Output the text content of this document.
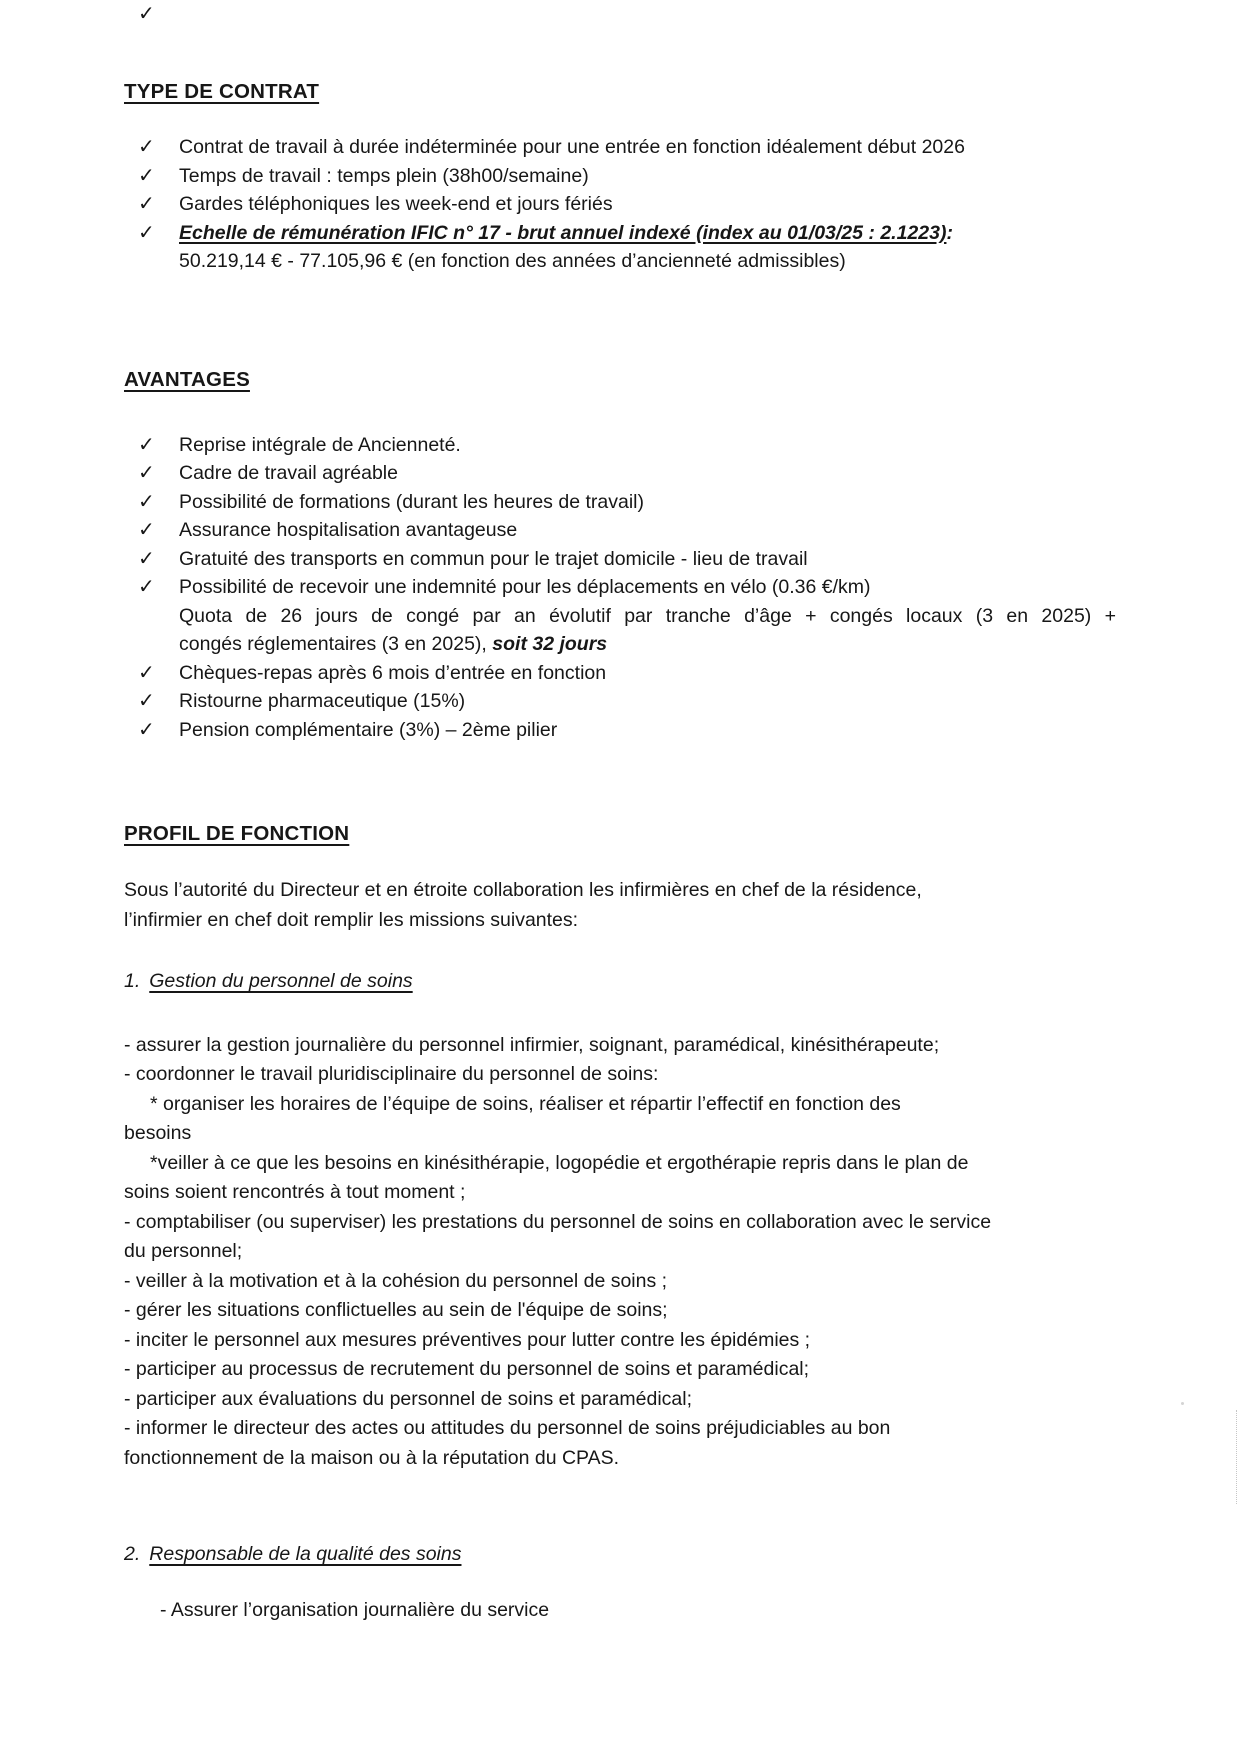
TYPE DE CONTRAT
✓ Contrat de travail à durée indéterminée pour une entrée en fonction idéalement début 2026
✓ Temps de travail : temps plein (38h00/semaine)
✓ Gardes téléphoniques les week-end et jours fériés
✓ Echelle de rémunération IFIC n° 17 - brut annuel indexé (index au 01/03/25 : 2.1223):
50.219,14 € - 77.105,96 € (en fonction des années d’ancienneté admissibles)
AVANTAGES
✓ Reprise intégrale de Ancienneté.
✓ Cadre de travail agréable
✓ Possibilité de formations (durant les heures de travail)
✓ Assurance hospitalisation avantageuse
✓ Gratuité des transports en commun pour le trajet domicile - lieu de travail
✓ Possibilité de recevoir une indemnité pour les déplacements en vélo (0.36 €/km)
✓
Quota de 26 jours de congé par an évolutif par tranche d’âge + congés locaux (3 en 2025) +
congés réglementaires (3 en 2025), soit 32 jours
✓ Chèques-repas après 6 mois d’entrée en fonction
✓ Ristourne pharmaceutique (15%)
✓ Pension complémentaire (3%) – 2ème pilier
PROFIL DE FONCTION
Sous l’autorité du Directeur et en étroite collaboration les infirmières en chef de la résidence,
l’infirmier en chef doit remplir les missions suivantes:
1. Gestion du personnel de soins
- assurer la gestion journalière du personnel infirmier, soignant, paramédical, kinésithérapeute;
- coordonner le travail pluridisciplinaire du personnel de soins:
* organiser les horaires de l’équipe de soins, réaliser et répartir l’effectif en fonction des
besoins
*veiller à ce que les besoins en kinésithérapie, logopédie et ergothérapie repris dans le plan de
soins soient rencontrés à tout moment ;
- comptabiliser (ou superviser) les prestations du personnel de soins en collaboration avec le service
du personnel;
- veiller à la motivation et à la cohésion du personnel de soins ;
- gérer les situations conflictuelles au sein de l'équipe de soins;
- inciter le personnel aux mesures préventives pour lutter contre les épidémies ;
- participer au processus de recrutement du personnel de soins et paramédical;
- participer aux évaluations du personnel de soins et paramédical;
- informer le directeur des actes ou attitudes du personnel de soins préjudiciables au bon
fonctionnement de la maison ou à la réputation du CPAS.
2. Responsable de la qualité des soins
- Assurer l’organisation journalière du service
